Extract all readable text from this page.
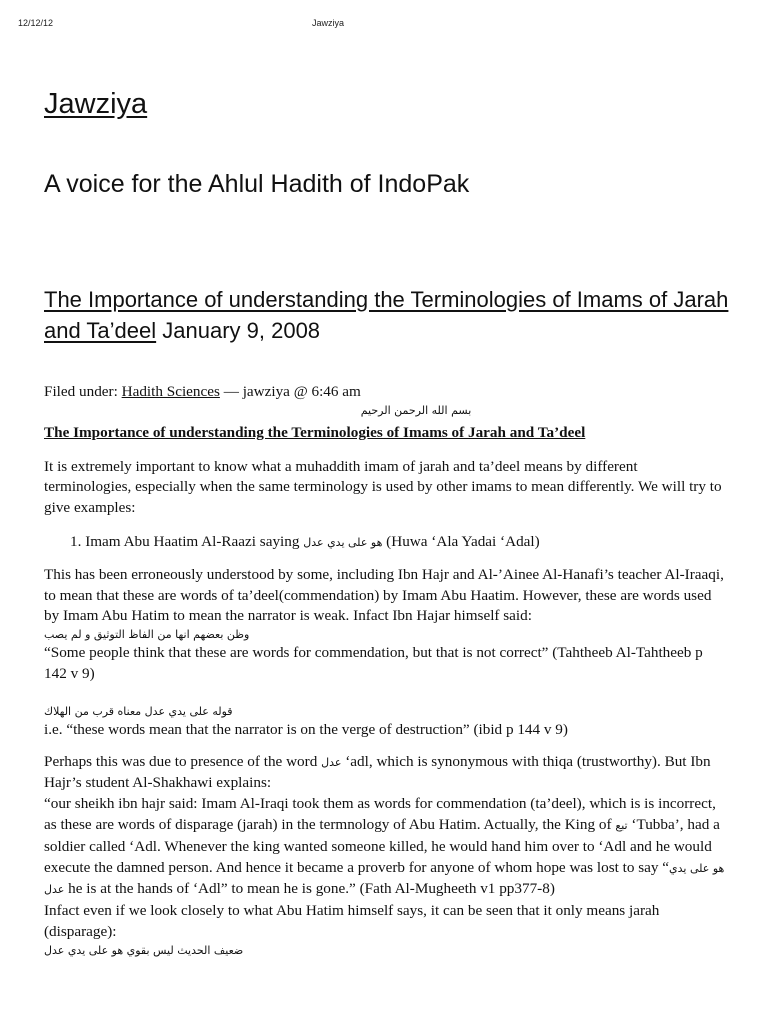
12/12/12	Jawziya
Jawziya
A voice for the Ahlul Hadith of IndoPak
The Importance of understanding the Terminologies of Imams of Jarah and Ta’deel January 9, 2008

Filed under: Hadith Sciences — jawziya @ 6:46 am

بسم الله الرحمن الرحيم

The Importance of understanding the Terminologies of Imams of Jarah and Ta’deel

It is extremely important to know what a muhaddith imam of jarah and ta’deel means by different terminologies, especially when the same terminology is used by other imams to mean differently. We will try to give examples:

1. Imam Abu Haatim Al-Raazi saying هو على يدي عدل (Huwa ‘Ala Yadai ‘Adal)

This has been erroneously understood by some, including Ibn Hajr and Al-’Ainee Al-Hanafi’s teacher Al-Iraaqi, to mean that these are words of ta’deel(commendation) by Imam Abu Haatim. However, these are words used by Imam Abu Hatim to mean the narrator is weak. Infact Ibn Hajar himself said:

وظن بعضهم انها من الفاظ التوثيق و لم يصب

“Some people think that these are words for commendation, but that is not correct” (Tahtheeb Al-Tahtheeb p 142 v 9)

قوله على يدي عدل معناه قرب من الهلاك

i.e. “these words mean that the narrator is on the verge of destruction” (ibid p 144 v 9)

Perhaps this was due to presence of the word عدل ‘adl, which is synonymous with thiqa (trustworthy). But Ibn Hajr’s student Al-Shakhawi explains:

“our sheikh ibn hajr said: Imam Al-Iraqi took them as words for commendation (ta’deel), which is is incorrect, as these are words of disparage (jarah) in the termnology of Abu Hatim. Actually, the King of تبع ‘Tubba’, had a soldier called ‘Adl. Whenever the king wanted someone killed, he would hand him over to ‘Adl and he would execute the damned person. And hence it became a proverb for anyone of whom hope was lost to say “هو على يدي عدل he is at the hands of ‘Adl” to mean he is gone.” (Fath Al-Mugheeth v1 pp377-8)

Infact even if we look closely to what Abu Hatim himself says, it can be seen that it only means jarah (disparage):

ضعيف الحديث ليس بقوي هو على يدي عدل
